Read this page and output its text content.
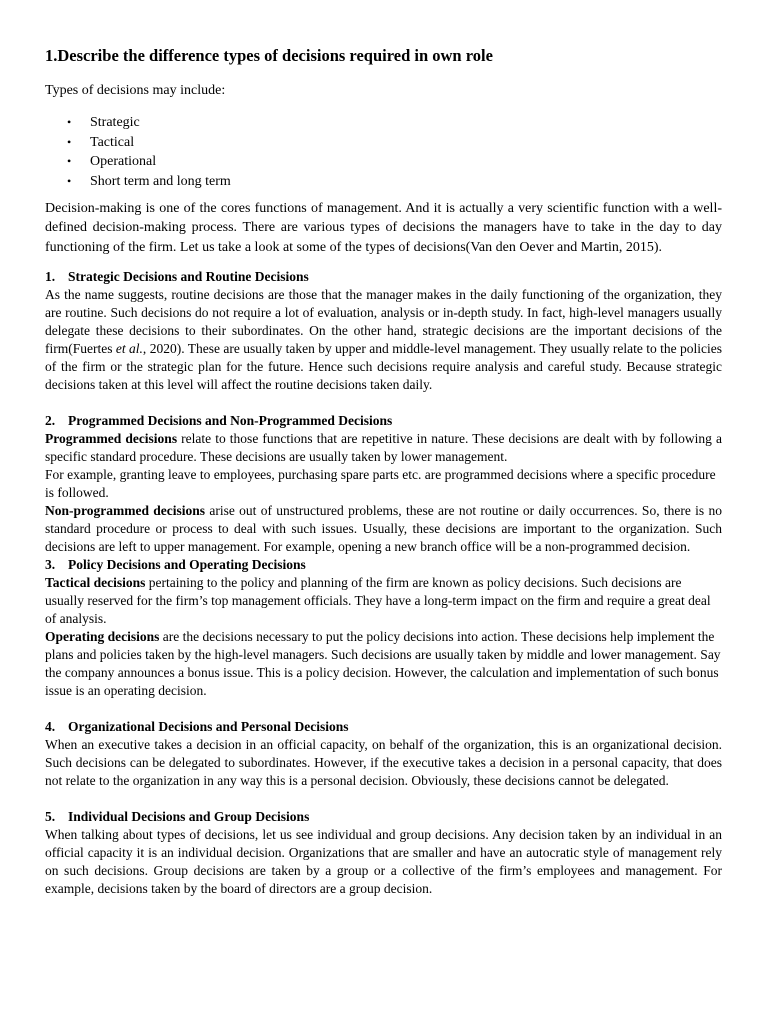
1.Describe the difference types of decisions required in own role

Types of decisions may include:

• Strategic
• Tactical
• Operational
• Short term and long term

Decision-making is one of the cores functions of management. And it is actually a very scientific function with a well-defined decision-making process. There are various types of decisions the managers have to take in the day to day functioning of the firm. Let us take a look at some of the types of decisions(Van den Oever and Martin, 2015).

1. Strategic Decisions and Routine Decisions

As the name suggests, routine decisions are those that the manager makes in the daily functioning of the organization, they are routine. Such decisions do not require a lot of evaluation, analysis or in-depth study. In fact, high-level managers usually delegate these decisions to their subordinates. On the other hand, strategic decisions are the important decisions of the firm(Fuertes et al., 2020). These are usually taken by upper and middle-level management. They usually relate to the policies of the firm or the strategic plan for the future. Hence such decisions require analysis and careful study. Because strategic decisions taken at this level will affect the routine decisions taken daily.

2. Programmed Decisions and Non-Programmed Decisions

Programmed decisions relate to those functions that are repetitive in nature. These decisions are dealt with by following a specific standard procedure. These decisions are usually taken by lower management.

For example, granting leave to employees, purchasing spare parts etc. are programmed decisions where a specific procedure is followed.

Non-programmed decisions arise out of unstructured problems, these are not routine or daily occurrences. So, there is no standard procedure or process to deal with such issues. Usually, these decisions are important to the organization. Such decisions are left to upper management. For example, opening a new branch office will be a non-programmed decision.

3. Policy Decisions and Operating Decisions

Tactical decisions pertaining to the policy and planning of the firm are known as policy decisions. Such decisions are usually reserved for the firm’s top management officials. They have a long-term impact on the firm and require a great deal of analysis.

Operating decisions are the decisions necessary to put the policy decisions into action. These decisions help implement the plans and policies taken by the high-level managers. Such decisions are usually taken by middle and lower management. Say the company announces a bonus issue. This is a policy decision. However, the calculation and implementation of such bonus issue is an operating decision.

4. Organizational Decisions and Personal Decisions

When an executive takes a decision in an official capacity, on behalf of the organization, this is an organizational decision. Such decisions can be delegated to subordinates. However, if the executive takes a decision in a personal capacity, that does not relate to the organization in any way this is a personal decision. Obviously, these decisions cannot be delegated.

5. Individual Decisions and Group Decisions

When talking about types of decisions, let us see individual and group decisions. Any decision taken by an individual in an official capacity it is an individual decision. Organizations that are smaller and have an autocratic style of management rely on such decisions. Group decisions are taken by a group or a collective of the firm’s employees and management. For example, decisions taken by the board of directors are a group decision.
